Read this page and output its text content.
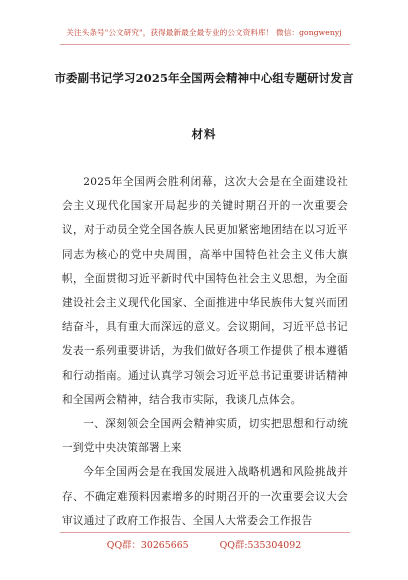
关注头条号"公文研究"，获得最新最全最专业的公文资料库！ 微信：gongwenyj
市委副书记学习2025年全国两会精神中心组专题研讨发言
材料

2025年全国两会胜利闭幕，这次大会是在全面建设社会主义现代化国家开局起步的关键时期召开的一次重要会议，对于动员全党全国各族人民更加紧密地团结在以习近平同志为核心的党中央周围，高举中国特色社会主义伟大旗帜，全面贯彻习近平新时代中国特色社会主义思想，为全面建设社会主义现代化国家、全面推进中华民族伟大复兴而团结奋斗，具有重大而深远的意义。会议期间，习近平总书记发表一系列重要讲话，为我们做好各项工作提供了根本遵循和行动指南。通过认真学习领会习近平总书记重要讲话精神和全国两会精神，结合我市实际，我谈几点体会。

一、深刻领会全国两会精神实质，切实把思想和行动统一到党中央决策部署上来

今年全国两会是在我国发展进入战略机遇和风险挑战并存、不确定难预料因素增多的时期召开的一次重要会议大会审议通过了政府工作报告、全国人大常委会工作报告

QQ群：30265665	QQ群:535304092
